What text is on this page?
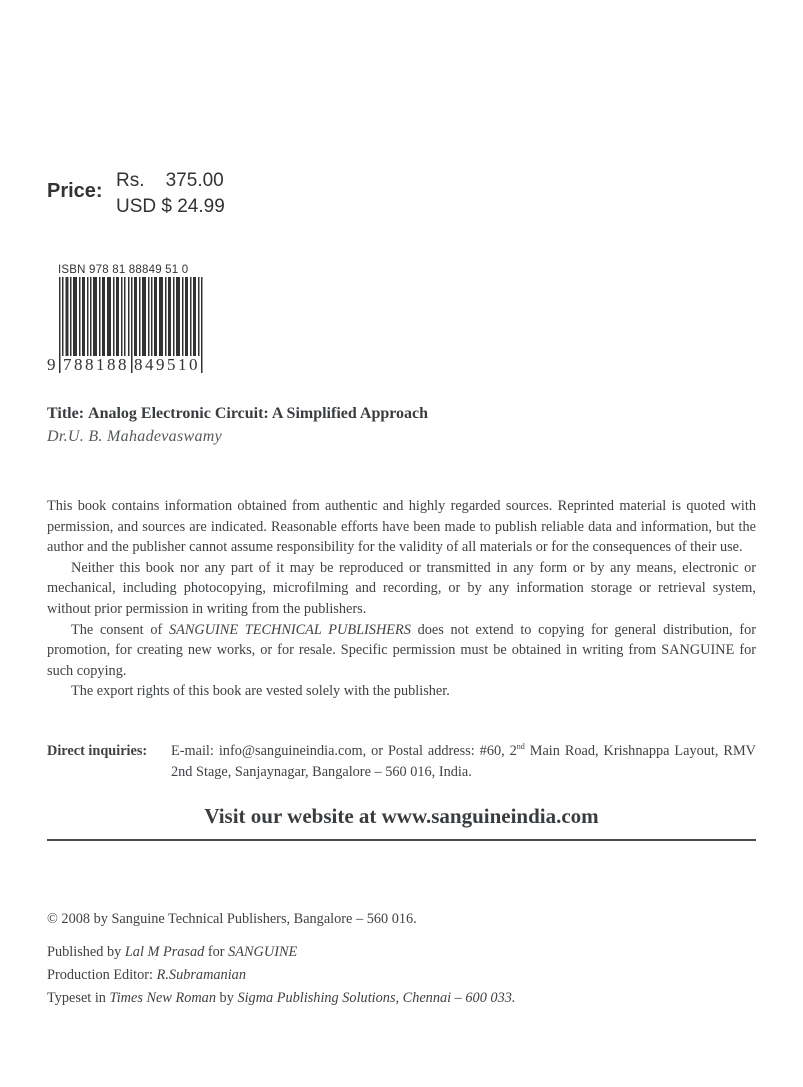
Price: Rs.    375.00
USD $ 24.99
ISBN 978 81 88849 51 0
9 788188 849510
Title: Analog Electronic Circuit: A Simplified Approach
Dr.U. B. Mahadevaswamy

This book contains information obtained from authentic and highly regarded sources. Reprinted material is quoted with permission, and sources are indicated. Reasonable efforts have been made to publish reliable data and information, but the author and the publisher cannot assume responsibility for the validity of all materials or for the consequences of their use.

Neither this book nor any part of it may be reproduced or transmitted in any form or by any means, electronic or mechanical, including photocopying, microfilming and recording, or by any information storage or retrieval system, without prior permission in writing from the publishers.

The consent of SANGUINE TECHNICAL PUBLISHERS does not extend to copying for general distribution, for promotion, for creating new works, or for resale. Specific permission must be obtained in writing from SANGUINE for such copying.

The export rights of this book are vested solely with the publisher.

Direct inquiries:	E-mail: info@sanguineindia.com, or Postal address: #60, 2nd Main Road, Krishnappa Layout, RMV 2nd Stage, Sanjaynagar, Bangalore – 560 016, India.
Visit our website at www.sanguineindia.com
© 2008 by Sanguine Technical Publishers, Bangalore – 560 016.
Published by Lal M Prasad for SANGUINE
Production Editor: R.Subramanian
Typeset in Times New Roman by Sigma Publishing Solutions, Chennai – 600 033.
